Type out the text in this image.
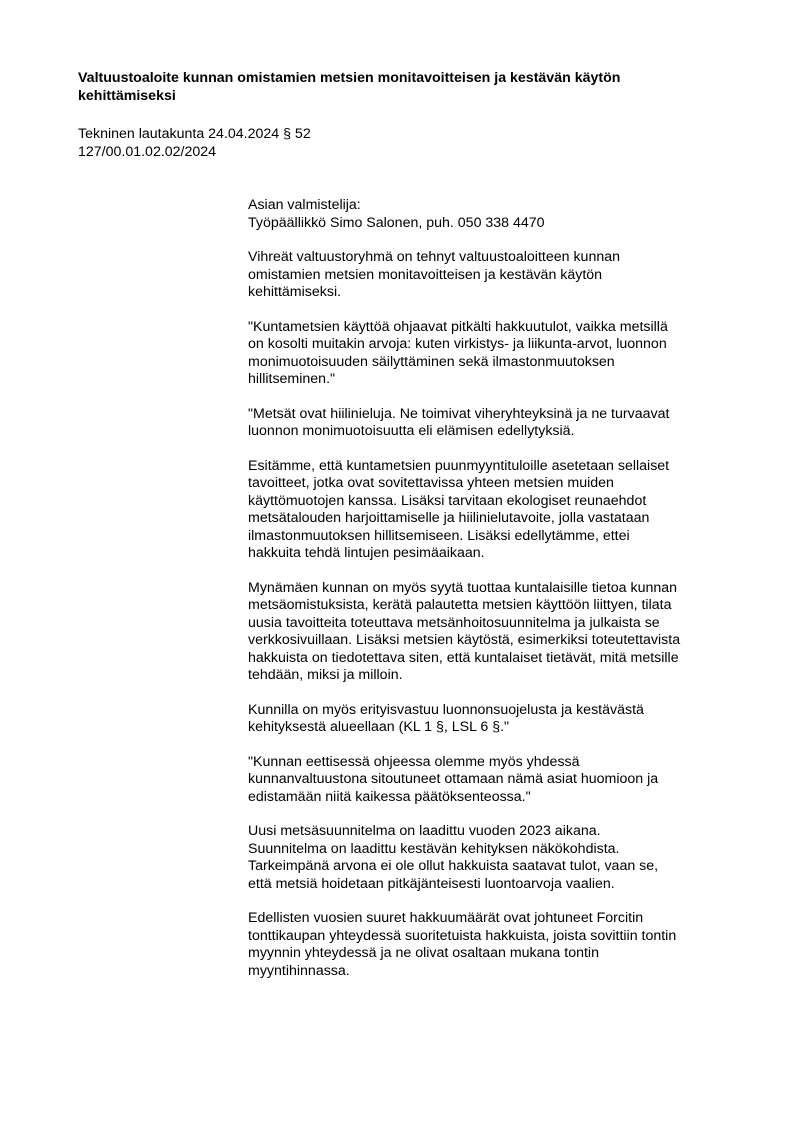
Valtuustoaloite kunnan omistamien metsien monitavoitteisen ja kestävän käytön
kehittämiseksi
Tekninen lautakunta 24.04.2024 § 52
127/00.01.02.02/2024
Asian valmistelija:
Työpäällikkö Simo Salonen, puh. 050 338 4470
Vihreät valtuustoryhmä on tehnyt valtuustoaloitteen kunnan
omistamien metsien monitavoitteisen ja kestävän käytön
kehittämiseksi.
"Kuntametsien käyttöä ohjaavat pitkälti hakkuutulot, vaikka metsillä
on kosolti muitakin arvoja: kuten virkistys- ja liikunta-arvot, luonnon
monimuotoisuuden säilyttäminen sekä ilmastonmuutoksen
hillitseminen."
"Metsät ovat hiilinieluja. Ne toimivat viheryhteyksinä ja ne turvaavat
luonnon monimuotoisuutta eli elämisen edellytyksiä.
Esitämme, että kuntametsien puunmyyntituloille asetetaan sellaiset
tavoitteet, jotka ovat sovitettavissa yhteen metsien muiden
käyttömuotojen kanssa. Lisäksi tarvitaan ekologiset reunaehdot
metsätalouden harjoittamiselle ja hiilinielutavoite, jolla vastataan
ilmastonmuutoksen hillitsemiseen. Lisäksi edellytämme, ettei
hakkuita tehdä lintujen pesimäaikaan.
Mynämäen kunnan on myös syytä tuottaa kuntalaisille tietoa kunnan
metsäomistuksista, kerätä palautetta metsien käyttöön liittyen, tilata
uusia tavoitteita toteuttava metsänhoitosuunnitelma ja julkaista se
verkkosivuillaan. Lisäksi metsien käytöstä, esimerkiksi toteutettavista
hakkuista on tiedotettava siten, että kuntalaiset tietävät, mitä metsille
tehdään, miksi ja milloin.
Kunnilla on myös erityisvastuu luonnonsuojelusta ja kestävästä
kehityksestä alueellaan (KL 1 §, LSL 6 §."
"Kunnan eettisessä ohjeessa olemme myös yhdessä
kunnanvaltuustona sitoutuneet ottamaan nämä asiat huomioon ja
edistamään niitä kaikessa päätöksenteossa."
Uusi metsäsuunnitelma on laadittu vuoden 2023 aikana.
Suunnitelma on laadittu kestävän kehityksen näkökohdista.
Tarkeimpänä arvona ei ole ollut hakkuista saatavat tulot, vaan se,
että metsiä hoidetaan pitkäjänteisesti luontoarvoja vaalien.
Edellisten vuosien suuret hakkuumäärät ovat johtuneet Forcitin
tonttikaupan yhteydessä suoritetuista hakkuista, joista sovittiin tontin
myynnin yhteydessä ja ne olivat osaltaan mukana tontin
myyntihinnassa.
